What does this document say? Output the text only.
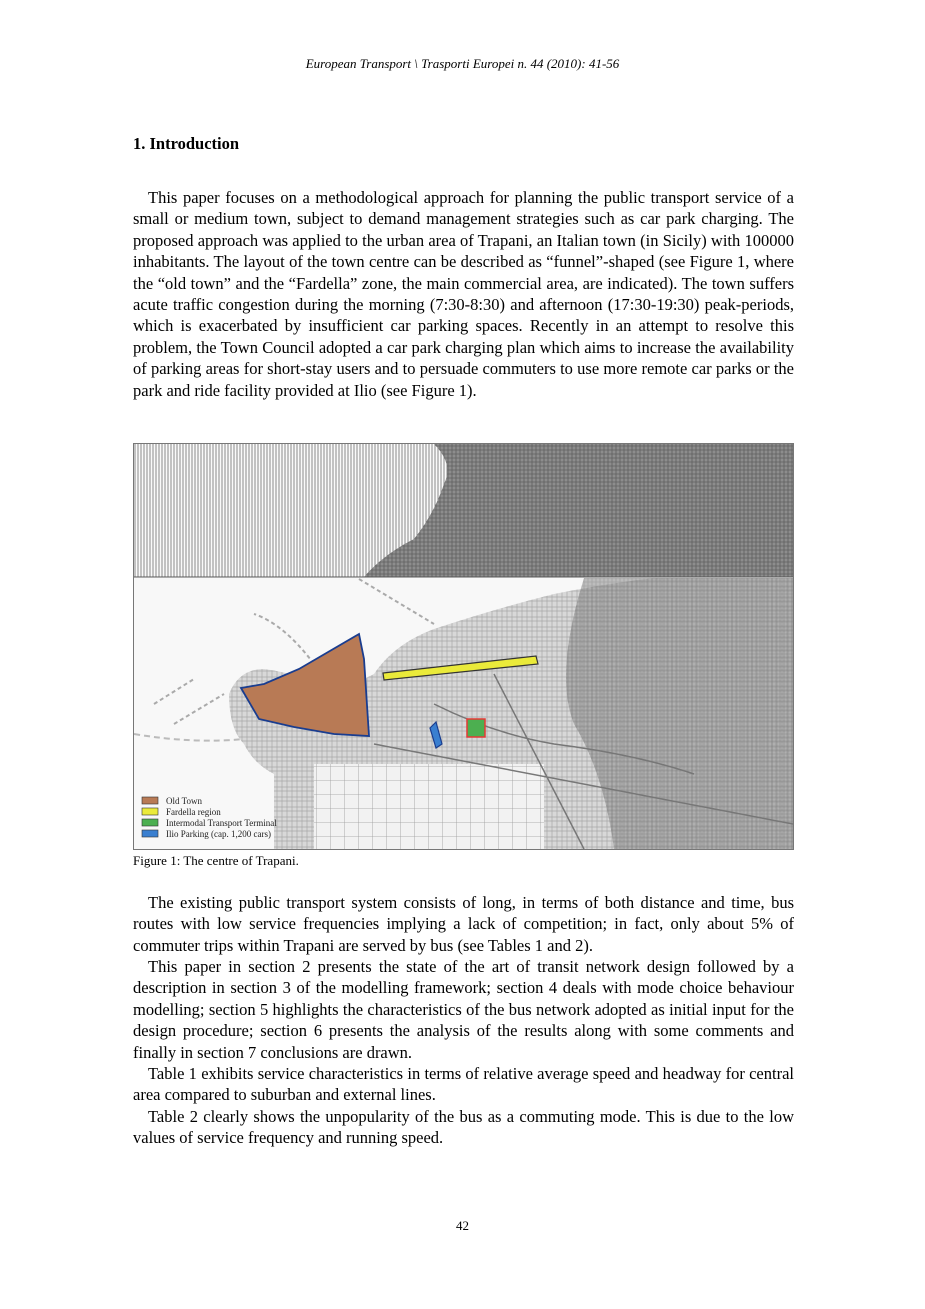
European Transport \ Trasporti Europei n. 44 (2010): 41-56
1. Introduction

This paper focuses on a methodological approach for planning the public transport service of a small or medium town, subject to demand management strategies such as car park charging. The proposed approach was applied to the urban area of Trapani, an Italian town (in Sicily) with 100000 inhabitants. The layout of the town centre can be described as “funnel”-shaped (see Figure 1, where the “old town” and the “Fardella” zone, the main commercial area, are indicated). The town suffers acute traffic congestion during the morning (7:30-8:30) and afternoon (17:30-19:30) peak-periods, which is exacerbated by insufficient car parking spaces. Recently in an attempt to resolve this problem, the Town Council adopted a car park charging plan which aims to increase the availability of parking areas for short-stay users and to persuade commuters to use more remote car parks or the park and ride facility provided at Ilio (see Figure 1).

Old Town
Fardella region
Intermodal Transport Terminal
Ilio Parking (cap. 1,200 cars)
Figure 1: The centre of Trapani.

The existing public transport system consists of long, in terms of both distance and time, bus routes with low service frequencies implying a lack of competition; in fact, only about 5% of commuter trips within Trapani are served by bus (see Tables 1 and 2).

This paper in section 2 presents the state of the art of transit network design followed by a description in section 3 of the modelling framework; section 4 deals with mode choice behaviour modelling; section 5 highlights the characteristics of the bus network adopted as initial input for the design procedure; section 6 presents the analysis of the results along with some comments and finally in section 7 conclusions are drawn.

Table 1 exhibits service characteristics in terms of relative average speed and headway for central area compared to suburban and external lines.

Table 2 clearly shows the unpopularity of the bus as a commuting mode. This is due to the low values of service frequency and running speed.

42
